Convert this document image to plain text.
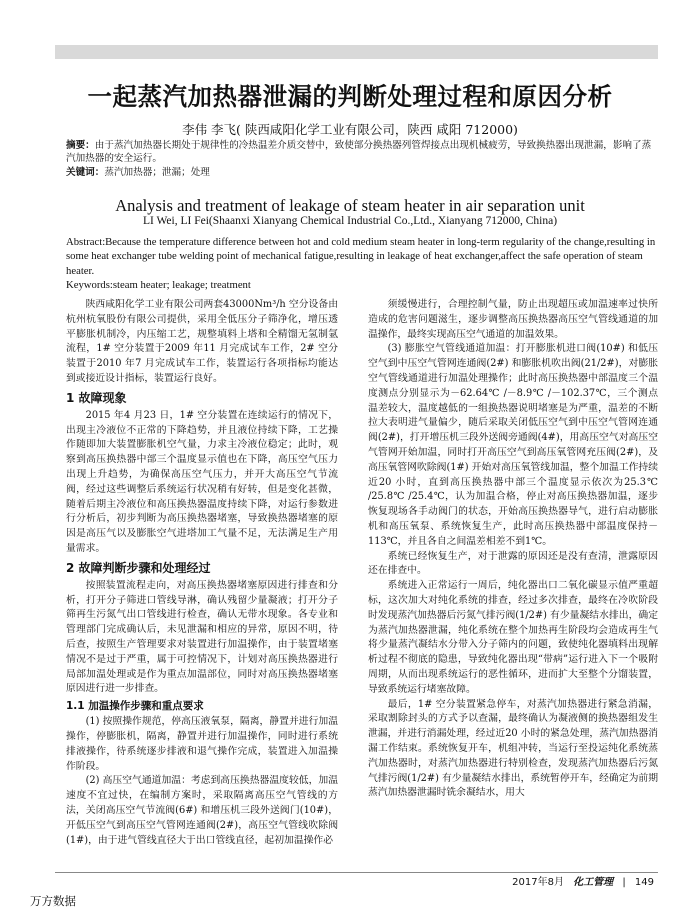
一起蒸汽加热器泄漏的判断处理过程和原因分析
李伟 李飞( 陕西咸阳化学工业有限公司，陕西 咸阳 712000)
摘要：由于蒸汽加热器长期处于规律性的冷热温差介质交替中，致使部分换热器列管焊接点出现机械疲劳，导致换热器出现泄漏，影响了蒸汽加热器的安全运行。
关键词：蒸汽加热器；泄漏；处理
Analysis and treatment of leakage of steam heater in air separation unit
LI Wei, LI Fei(Shaanxi Xianyang Chemical Industrial Co.,Ltd., Xianyang 712000, China)
Abstract:Because the temperature difference between hot and cold medium steam heater in long-term regularity of the change,resulting in some heat exchanger tube welding point of mechanical fatigue,resulting in leakage of heat exchanger,affect the safe operation of steam heater.
Keywords:steam heater; leakage; treatment

陕西咸阳化学工业有限公司两套43000Nm³/h 空分设备由杭州杭氧股份有限公司提供，采用全低压分子筛净化，增压透平膨胀机制冷，内压缩工艺，规整填料上塔和全精馏无氢制氩流程，1# 空分装置于2009 年11 月完成试车工作，2# 空分装置于2010 年7 月完成试车工作，装置运行各项指标均能达到或接近设计指标，装置运行良好。

1 故障现象

2015 年4 月23 日，1# 空分装置在连续运行的情况下，出现主冷液位不正常的下降趋势，并且液位持续下降，工艺操作随即加大装置膨胀机空气量，力求主冷液位稳定；此时，观察到高压换热器中部三个温度显示值也在下降，高压空气压力出现上升趋势，为确保高压空气压力，并开大高压空气节流阀，经过这些调整后系统运行状况稍有好转，但是变化甚微，随着后期主冷液位和高压换热器温度持续下降，对运行参数进行分析后，初步判断为高压换热器堵塞，导致换热器堵塞的原因是高压气以及膨胀空气进塔加工气量不足，无法满足生产用量需求。

2 故障判断步骤和处理经过

按照装置流程走向，对高压换热器堵塞原因进行排查和分析，打开分子筛进口管线导淋，确认残留少量凝液；打开分子筛再生污氮气出口管线进行检查，确认无带水现象。各专业和管理部门完成确认后，未见泄漏和相应的异常，原因不明，待后查，按照生产管理要求对装置进行加温操作，由于装置堵塞情况不是过于严重，属于可控情况下，计划对高压换热器进行局部加温处理或是作为重点加温部位，同时对高压换热器堵塞原因进行进一步排查。

1.1 加温操作步骤和重点要求

(1) 按照操作规范，停高压液氧泵，隔离，静置并进行加温操作，停膨胀机，隔离，静置并进行加温操作，同时进行系统排液操作，待系统逐步排液和退气操作完成，装置进入加温操作阶段。

(2) 高压空气通道加温：考虑到高压换热器温度较低，加温速度不宜过快，在编制方案时，采取隔离高压空气管线的方法，关闭高压空气节流阀(6#) 和增压机三段外送阀门(10#)，开低压空气到高压空气管网连通阀(2#)，高压空气管线吹除阀(1#)，由于进气管线直径大于出口管线直径，起初加温操作必

须缓慢进行，合理控制气量，防止出现超压或加温速率过快所造成的危害问题滋生，逐步调整高压换热器高压空气管线通道的加温操作，最终实现高压空气通道的加温效果。

(3) 膨胀空气管线通道加温：打开膨胀机进口阀(10#) 和低压空气到中压空气管网连通阀(2#) 和膨胀机吹出阀(21/2#)，对膨胀空气管线通道进行加温处理操作；此时高压换热器中部温度三个温度测点分别显示为－62.64℃ /－8.9℃ /－102.37℃，三个测点温差较大，温度越低的一组换热器说明堵塞是为严重，温差的不断拉大表明进气量偏少，随后采取关闭低压空气到中压空气管网连通阀(2#)，打开增压机三段外送阀旁通阀(4#)，用高压空气对高压空气管网开始加温，同时打开高压空气到高压氧管网充压阀(2#)，及高压氧管网吹除阀(1#) 开始对高压氧管线加温，整个加温工作持续近20 小时，直到高压换热器中部三个温度显示依次为25.3℃ /25.8℃ /25.4℃，认为加温合格，停止对高压换热器加温，逐步恢复现场各手动阀门的状态，开始高压换热器导气，进行启动膨胀机和高压氧泵、系统恢复生产，此时高压换热器中部温度保持－113℃，并且各自之间温差相差不到1℃。

系统已经恢复生产，对于泄露的原因还是没有查清，泄露原因还在排查中。

系统进入正常运行一周后，纯化器出口二氧化碳显示值严重超标，这次加大对纯化系统的排查，经过多次排查，最终在冷吹阶段时发现蒸汽加热器后污氮气排污阀(1/2#) 有少量凝结水排出，确定为蒸汽加热器泄漏，纯化系统在整个加热再生阶段均会造成再生气将少量蒸汽凝结水分带入分子筛内的问题，致使纯化器填料出现解析过程不彻底的隐患，导致纯化器出现“带病”运行进入下一个吸附周期，从而出现系统运行的恶性循环，进而扩大至整个分馏装置，导致系统运行堵塞故障。

最后，1# 空分装置紧急停车，对蒸汽加热器进行紧急消漏，采取割除封头的方式予以查漏，最终确认为凝液侧的换热器组发生泄漏，并进行消漏处理，经过近20 小时的紧急处理，蒸汽加热器消漏工作结束。系统恢复开车，机组冲转，当运行至投运纯化系统蒸汽加热器时，对蒸汽加热器进行特别检查，发现蒸汽加热器后污氮气排污阀(1/2#) 有少量凝结水排出，系统暂停开车，经确定为前期蒸汽加热器泄漏时铣余凝结水，用大

2017年8月 化工管理 | 149
万方数据
